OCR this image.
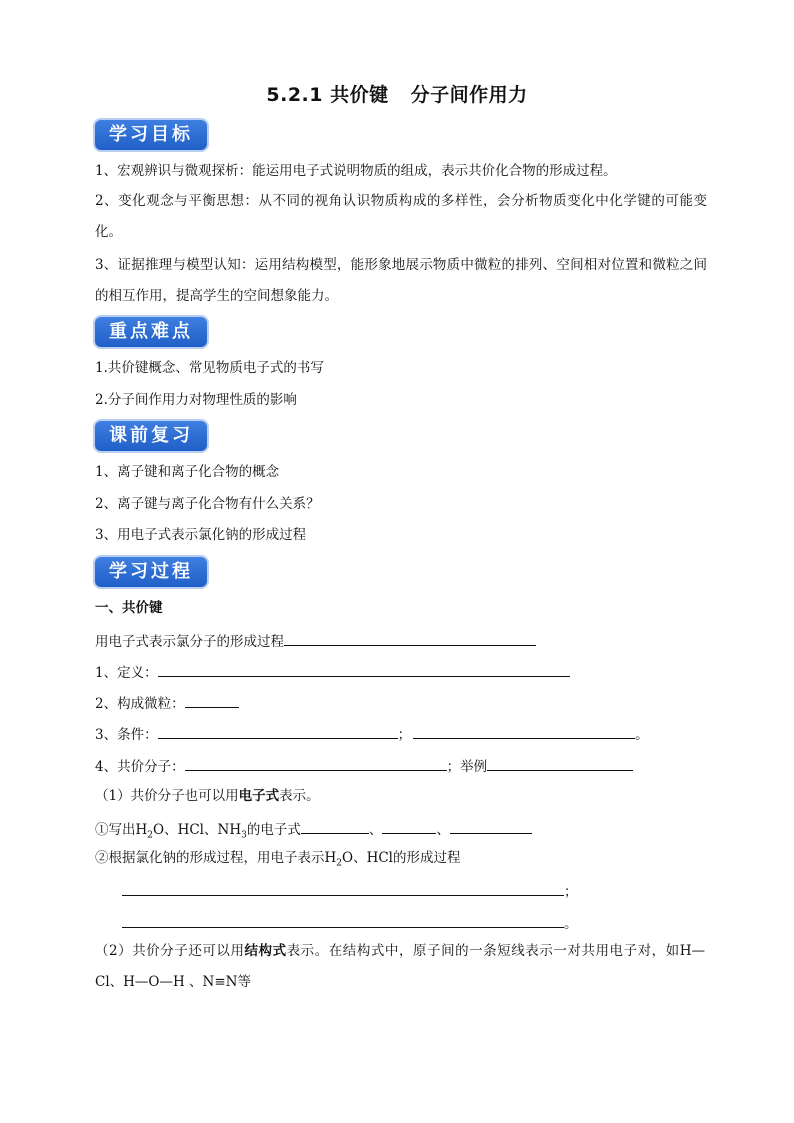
5.2.1 共价键 分子间作用力
学习目标
1、宏观辨识与微观探析：能运用电子式说明物质的组成，表示共价化合物的形成过程。
2、变化观念与平衡思想：从不同的视角认识物质构成的多样性，会分析物质变化中化学键的可能变化。
3、证据推理与模型认知：运用结构模型，能形象地展示物质中微粒的排列、空间相对位置和微粒之间的相互作用，提高学生的空间想象能力。
重点难点
1.共价键概念、常见物质电子式的书写
2.分子间作用力对物理性质的影响
课前复习
1、离子键和离子化合物的概念
2、离子键与离子化合物有什么关系？
3、用电子式表示氯化钠的形成过程
学习过程
一、共价键
用电子式表示氯分子的形成过程
1、定义：
2、构成微粒：
3、条件：	；	。
4、共价分子：	；举例
（1）共价分子也可以用电子式表示。
①写出$H_2O$、HCl、$NH_3$的电子式	、	、
②根据氯化钠的形成过程，用电子表示$H_2O$、HCl的形成过程
；
。
（2）共价分子还可以用结构式表示。在结构式中，原子间的一条短线表示一对共用电子对，如H—Cl、H—O—H 、N≡N等
